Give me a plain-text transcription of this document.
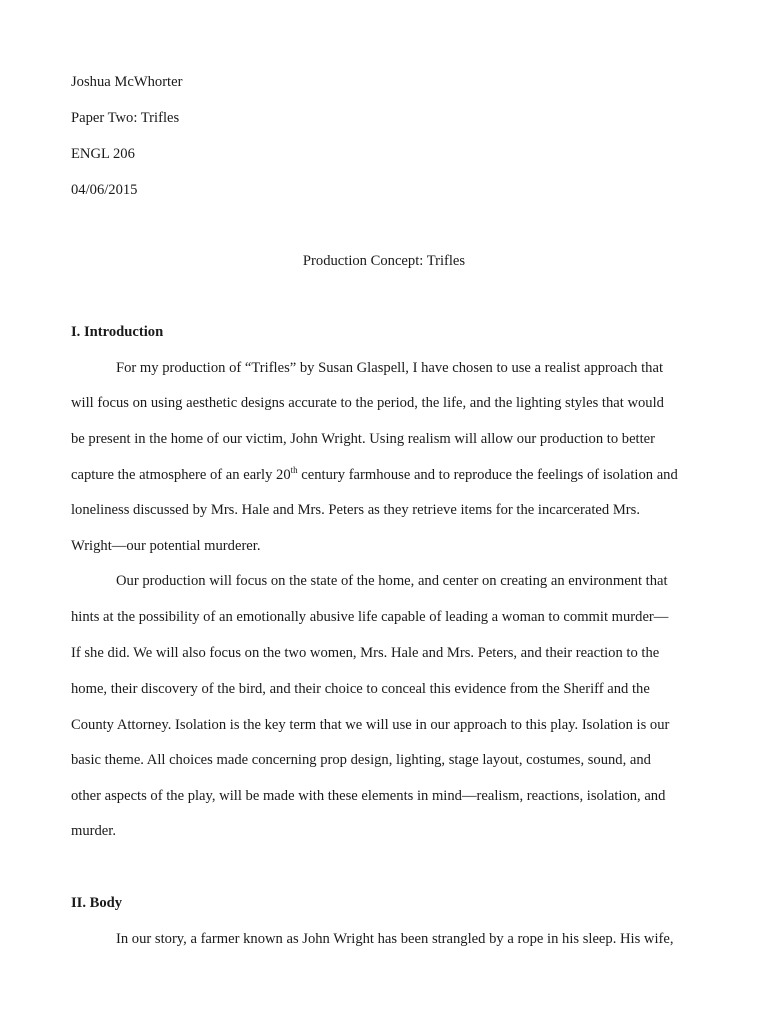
Joshua McWhorter

Paper Two: Trifles

ENGL 206

04/06/2015

Production Concept: Trifles

I. Introduction

For my production of “Trifles” by Susan Glaspell, I have chosen to use a realist approach that

will focus on using aesthetic designs accurate to the period, the life, and the lighting styles that would

be present in the home of our victim, John Wright. Using realism will allow our production to better

capture the atmosphere of an early 20th century farmhouse and to reproduce the feelings of isolation and

loneliness discussed by Mrs. Hale and Mrs. Peters as they retrieve items for the incarcerated Mrs.

Wright—our potential murderer.

Our production will focus on the state of the home, and center on creating an environment that

hints at the possibility of an emotionally abusive life capable of leading a woman to commit murder—

If she did. We will also focus on the two women, Mrs. Hale and Mrs. Peters, and their reaction to the

home, their discovery of the bird, and their choice to conceal this evidence from the Sheriff and the

County Attorney. Isolation is the key term that we will use in our approach to this play. Isolation is our

basic theme. All choices made concerning prop design, lighting, stage layout, costumes, sound, and

other aspects of the play, will be made with these elements in mind—realism, reactions, isolation, and

murder.

II. Body

In our story, a farmer known as John Wright has been strangled by a rope in his sleep. His wife,
